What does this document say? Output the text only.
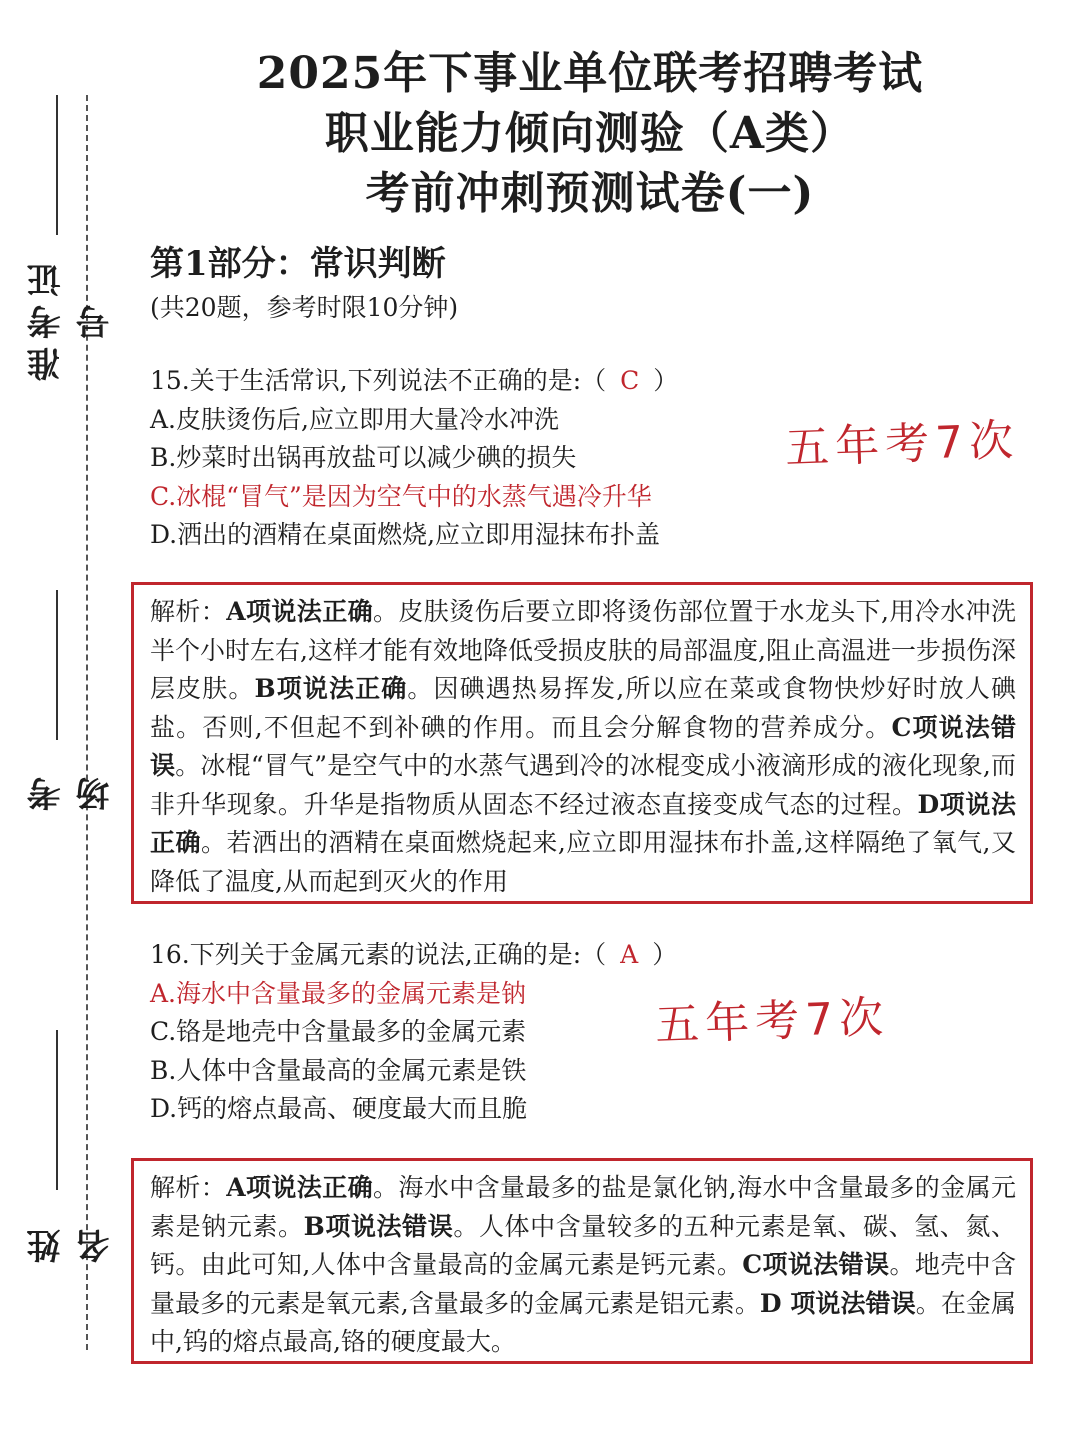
准考证号
考 场
姓 名
2025年下事业单位联考招聘考试
职业能力倾向测验（A类）
考前冲刺预测试卷(一)
第1部分：常识判断
(共20题，参考时限10分钟)
15.关于生活常识,下列说法不正确的是:（ C ）
A.皮肤烫伤后,应立即用大量冷水冲洗
B.炒菜时出锅再放盐可以减少碘的损失
C.冰棍“冒气”是因为空气中的水蒸气遇冷升华
D.洒出的酒精在桌面燃烧,应立即用湿抹布扑盖
五年考7次
解析：A项说法正确。皮肤烫伤后要立即将烫伤部位置于水龙头下,用冷水冲洗半个小时左右,这样才能有效地降低受损皮肤的局部温度,阻止高温进一步损伤深层皮肤。B项说法正确。因碘遇热易挥发,所以应在菜或食物快炒好时放人碘盐。否则,不但起不到补碘的作用。而且会分解食物的营养成分。C项说法错误。冰棍“冒气”是空气中的水蒸气遇到冷的冰棍变成小液滴形成的液化现象,而非升华现象。升华是指物质从固态不经过液态直接变成气态的过程。D项说法正确。若洒出的酒精在桌面燃烧起来,应立即用湿抹布扑盖,这样隔绝了氧气,又降低了温度,从而起到灭火的作用
16.下列关于金属元素的说法,正确的是:（ A ）
A.海水中含量最多的金属元素是钠
C.铬是地壳中含量最多的金属元素
B.人体中含量最高的金属元素是铁
D.钙的熔点最高、硬度最大而且脆
五年考7次
解析：A项说法正确。海水中含量最多的盐是氯化钠,海水中含量最多的金属元素是钠元素。B项说法错误。人体中含量较多的五种元素是氧、碳、氢、氮、钙。由此可知,人体中含量最高的金属元素是钙元素。C项说法错误。地壳中含量最多的元素是氧元素,含量最多的金属元素是铝元素。D 项说法错误。在金属中,钨的熔点最高,铬的硬度最大。
